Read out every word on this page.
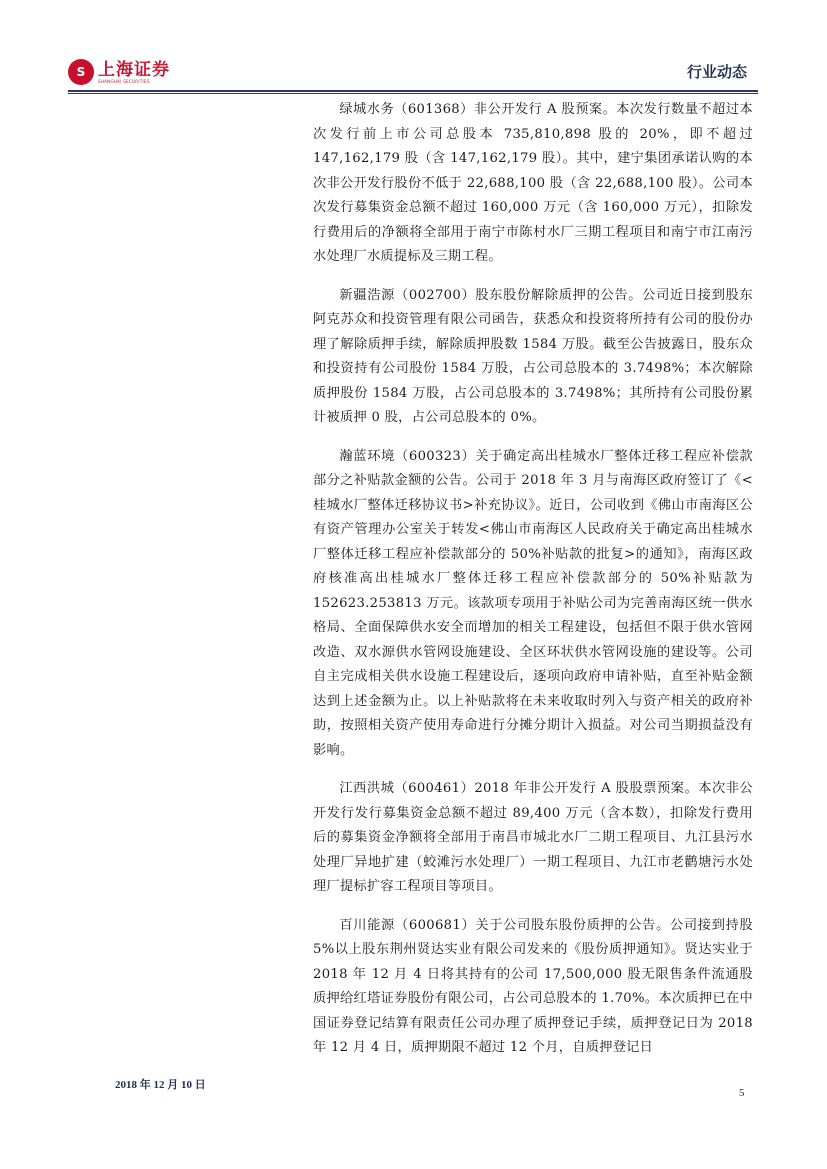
S 上海证券
SHANGHAI SECURITIES	行业动态

绿城水务（601368）非公开发行 A 股预案。本次发行数量不超过本次发行前上市公司总股本 735,810,898 股的 20%，即不超过 147,162,179 股（含 147,162,179 股）。其中，建宁集团承诺认购的本次非公开发行股份不低于 22,688,100 股（含 22,688,100 股）。公司本次发行募集资金总额不超过 160,000 万元（含 160,000 万元），扣除发行费用后的净额将全部用于南宁市陈村水厂三期工程项目和南宁市江南污水处理厂水质提标及三期工程。

新疆浩源（002700）股东股份解除质押的公告。公司近日接到股东阿克苏众和投资管理有限公司函告，获悉众和投资将所持有公司的股份办理了解除质押手续，解除质押股数 1584 万股。截至公告披露日，股东众和投资持有公司股份 1584 万股，占公司总股本的 3.7498%；本次解除质押股份 1584 万股，占公司总股本的 3.7498%；其所持有公司股份累计被质押 0 股，占公司总股本的 0%。

瀚蓝环境（600323）关于确定高出桂城水厂整体迁移工程应补偿款部分之补贴款金额的公告。公司于 2018 年 3 月与南海区政府签订了《<桂城水厂整体迁移协议书>补充协议》。近日，公司收到《佛山市南海区公有资产管理办公室关于转发<佛山市南海区人民政府关于确定高出桂城水厂整体迁移工程应补偿款部分的 50%补贴款的批复>的通知》，南海区政府核准高出桂城水厂整体迁移工程应补偿款部分的 50%补贴款为 152623.253813 万元。该款项专项用于补贴公司为完善南海区统一供水格局、全面保障供水安全而增加的相关工程建设，包括但不限于供水管网改造、双水源供水管网设施建设、全区环状供水管网设施的建设等。公司自主完成相关供水设施工程建设后，逐项向政府申请补贴，直至补贴金额达到上述金额为止。以上补贴款将在未来收取时列入与资产相关的政府补助，按照相关资产使用寿命进行分摊分期计入损益。对公司当期损益没有影响。

江西洪城（600461）2018 年非公开发行 A 股股票预案。本次非公开发行发行募集资金总额不超过 89,400 万元（含本数），扣除发行费用后的募集资金净额将全部用于南昌市城北水厂二期工程项目、九江县污水处理厂异地扩建（蛟滩污水处理厂）一期工程项目、九江市老鹳塘污水处理厂提标扩容工程项目等项目。

百川能源（600681）关于公司股东股份质押的公告。公司接到持股 5%以上股东荆州贤达实业有限公司发来的《股份质押通知》。贤达实业于 2018 年 12 月 4 日将其持有的公司 17,500,000 股无限售条件流通股质押给红塔证券股份有限公司，占公司总股本的 1.70%。本次质押已在中国证券登记结算有限责任公司办理了质押登记手续，质押登记日为 2018 年 12 月 4 日，质押期限不超过 12 个月，自质押登记日

2018 年 12 月 10 日
5
